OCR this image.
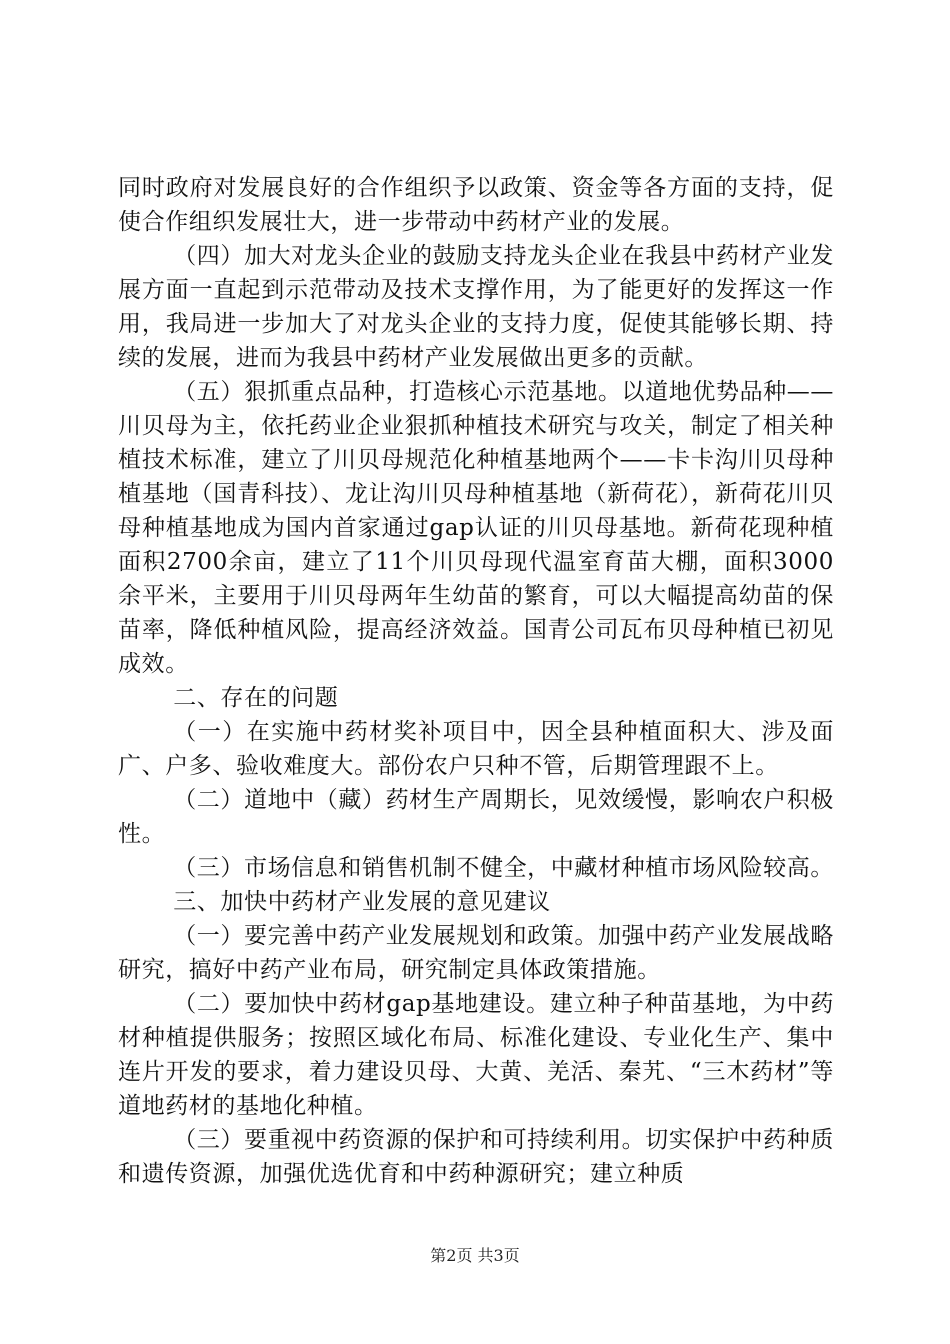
同时政府对发展良好的合作组织予以政策、资金等各方面的支持，促使合作组织发展壮大，进一步带动中药材产业的发展。

（四）加大对龙头企业的鼓励支持龙头企业在我县中药材产业发展方面一直起到示范带动及技术支撑作用，为了能更好的发挥这一作用，我局进一步加大了对龙头企业的支持力度，促使其能够长期、持续的发展，进而为我县中药材产业发展做出更多的贡献。

（五）狠抓重点品种，打造核心示范基地。以道地优势品种——川贝母为主，依托药业企业狠抓种植技术研究与攻关，制定了相关种植技术标准，建立了川贝母规范化种植基地两个——卡卡沟川贝母种植基地（国青科技）、龙让沟川贝母种植基地（新荷花），新荷花川贝母种植基地成为国内首家通过gap认证的川贝母基地。新荷花现种植面积2700余亩，建立了11个川贝母现代温室育苗大棚，面积3000余平米，主要用于川贝母两年生幼苗的繁育，可以大幅提高幼苗的保苗率，降低种植风险，提高经济效益。国青公司瓦布贝母种植已初见成效。

二、存在的问题

（一）在实施中药材奖补项目中，因全县种植面积大、涉及面广、户多、验收难度大。部份农户只种不管，后期管理跟不上。

（二）道地中（藏）药材生产周期长，见效缓慢，影响农户积极性。

（三）市场信息和销售机制不健全，中藏材种植市场风险较高。

三、加快中药材产业发展的意见建议

（一）要完善中药产业发展规划和政策。加强中药产业发展战略研究，搞好中药产业布局，研究制定具体政策措施。

（二）要加快中药材gap基地建设。建立种子种苗基地，为中药材种植提供服务；按照区域化布局、标准化建设、专业化生产、集中连片开发的要求，着力建设贝母、大黄、羌活、秦艽、“三木药材”等道地药材的基地化种植。

（三）要重视中药资源的保护和可持续利用。切实保护中药种质和遗传资源，加强优选优育和中药种源研究；建立种质

第2页 共3页
